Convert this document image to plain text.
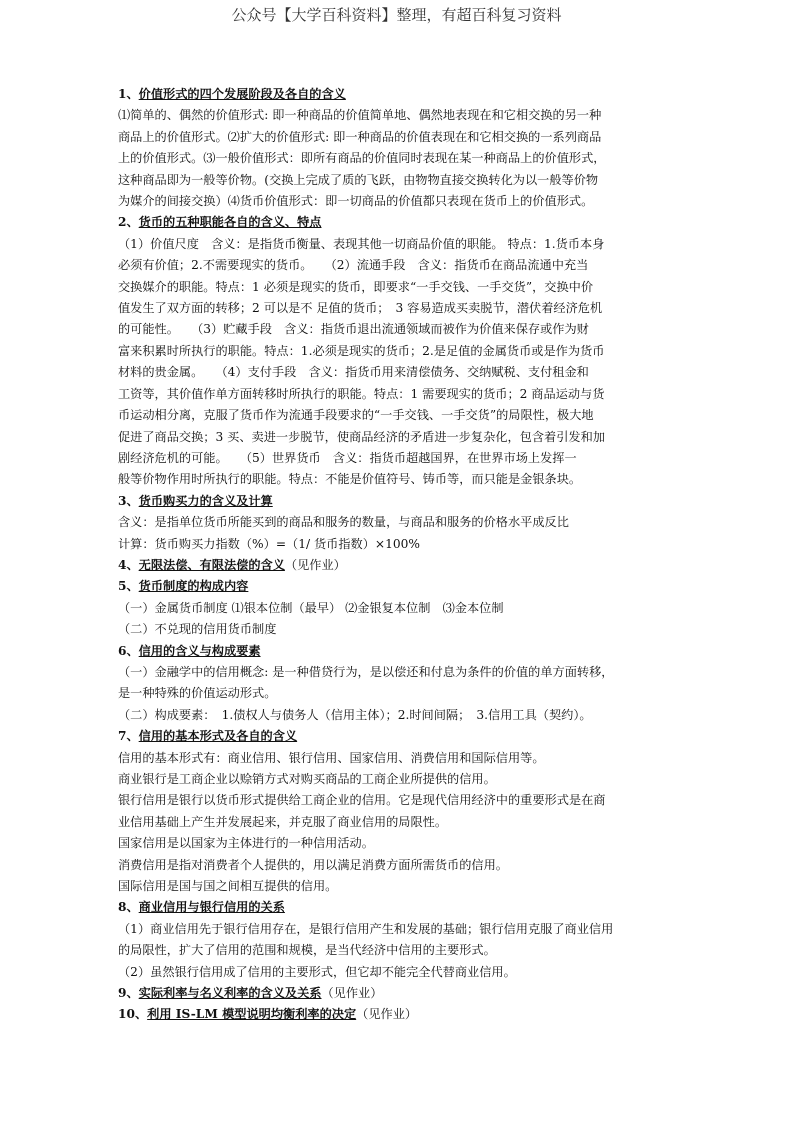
公众号【大学百科资料】整理，有超百科复习资料
1、价值形式的四个发展阶段及各自的含义
⑴简单的、偶然的价值形式: 即一种商品的价值简单地、偶然地表现在和它相交换的另一种
商品上的价值形式。⑵扩大的价值形式: 即一种商品的价值表现在和它相交换的一系列商品
上的价值形式。⑶一般价值形式：即所有商品的价值同时表现在某一种商品上的价值形式，
这种商品即为一般等价物。(交换上完成了质的飞跃，由物物直接交换转化为以一般等价物
为媒介的间接交换）⑷货币价值形式：即一切商品的价值都只表现在货币上的价值形式。
2、货币的五种职能各自的含义、特点
（1）价值尺度　含义：是指货币衡量、表现其他一切商品价值的职能。 特点：1.货币本身
必须有价值；2.不需要现实的货币。　　（2）流通手段　含义：指货币在商品流通中充当
交换媒介的职能。特点：1 必须是现实的货币，即要求“一手交钱、一手交货”，交换中价
值发生了双方面的转移；2 可以是不 足值的货币；　3 容易造成买卖脱节，潜伏着经济危机
的可能性。　　（3）贮藏手段　含义：指货币退出流通领域而被作为价值来保存或作为财
富来积累时所执行的职能。特点：1.必须是现实的货币；2.是足值的金属货币或是作为货币
材料的贵金属。　　（4）支付手段　含义：指货币用来清偿债务、交纳赋税、支付租金和
工资等，其价值作单方面转移时所执行的职能。特点：1 需要现实的货币；2 商品运动与货
币运动相分离，克服了货币作为流通手段要求的“一手交钱、一手交货”的局限性，极大地
促进了商品交换；3 买、卖进一步脱节，使商品经济的矛盾进一步复杂化，包含着引发和加
剧经济危机的可能。　　（5）世界货币　含义：指货币超越国界，在世界市场上发挥一
般等价物作用时所执行的职能。特点：不能是价值符号、铸币等，而只能是金银条块。
3、货币购买力的含义及计算
含义：是指单位货币所能买到的商品和服务的数量，与商品和服务的价格水平成反比
计算：货币购买力指数（%）=（1/ 货币指数）×100%
4、无限法偿、有限法偿的含义（见作业）
5、货币制度的构成内容
（一）金属货币制度 ⑴银本位制（最早） ⑵金银复本位制　⑶金本位制
（二）不兑现的信用货币制度
6、信用的含义与构成要素
（一）金融学中的信用概念: 是一种借贷行为，是以偿还和付息为条件的价值的单方面转移，
是一种特殊的价值运动形式。
（二）构成要素：　1.债权人与债务人（信用主体）；2.时间间隔；　3.信用工具（契约）。
7、信用的基本形式及各自的含义
信用的基本形式有：商业信用、银行信用、国家信用、消费信用和国际信用等。
商业银行是工商企业以赊销方式对购买商品的工商企业所提供的信用。
银行信用是银行以货币形式提供给工商企业的信用。它是现代信用经济中的重要形式是在商
业信用基础上产生并发展起来，并克服了商业信用的局限性。
国家信用是以国家为主体进行的一种信用活动。
消费信用是指对消费者个人提供的，用以满足消费方面所需货币的信用。
国际信用是国与国之间相互提供的信用。
8、商业信用与银行信用的关系
（1）商业信用先于银行信用存在，是银行信用产生和发展的基础；银行信用克服了商业信用
的局限性，扩大了信用的范围和规模，是当代经济中信用的主要形式。
（2）虽然银行信用成了信用的主要形式，但它却不能完全代替商业信用。
9、实际利率与名义利率的含义及关系（见作业）
10、利用 IS-LM 模型说明均衡利率的决定（见作业）
